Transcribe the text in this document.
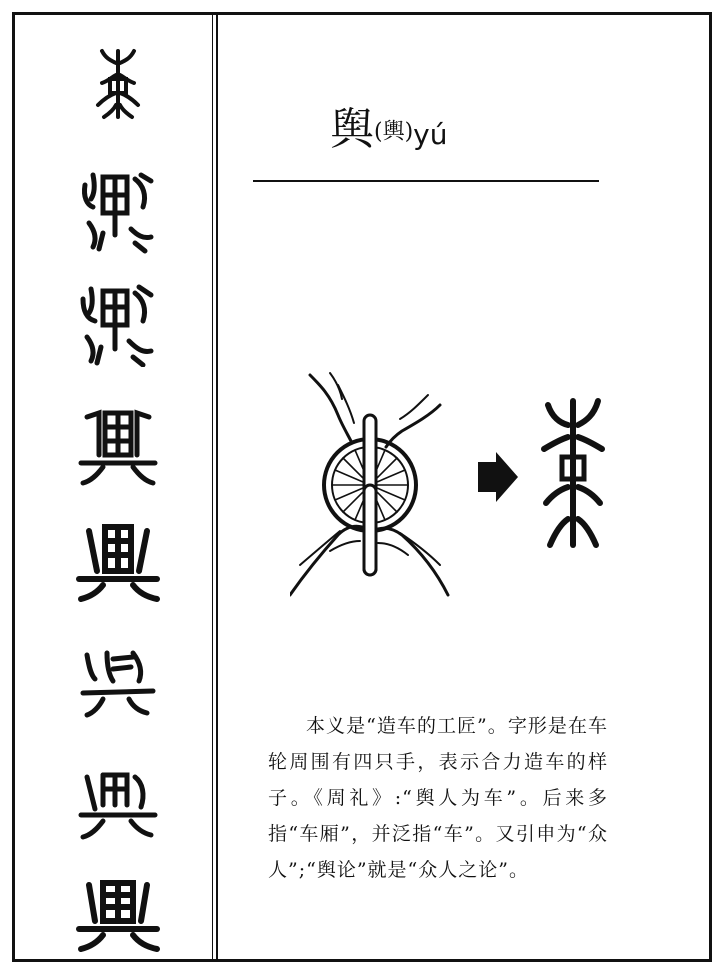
舆(輿)yú

本义是“造车的工匠”。字形是在车轮周围有四只手，表示合力造车的样子。《周礼》:“舆人为车”。后来多指“车厢”，并泛指“车”。又引申为“众人”;“舆论”就是“众人之论”。
